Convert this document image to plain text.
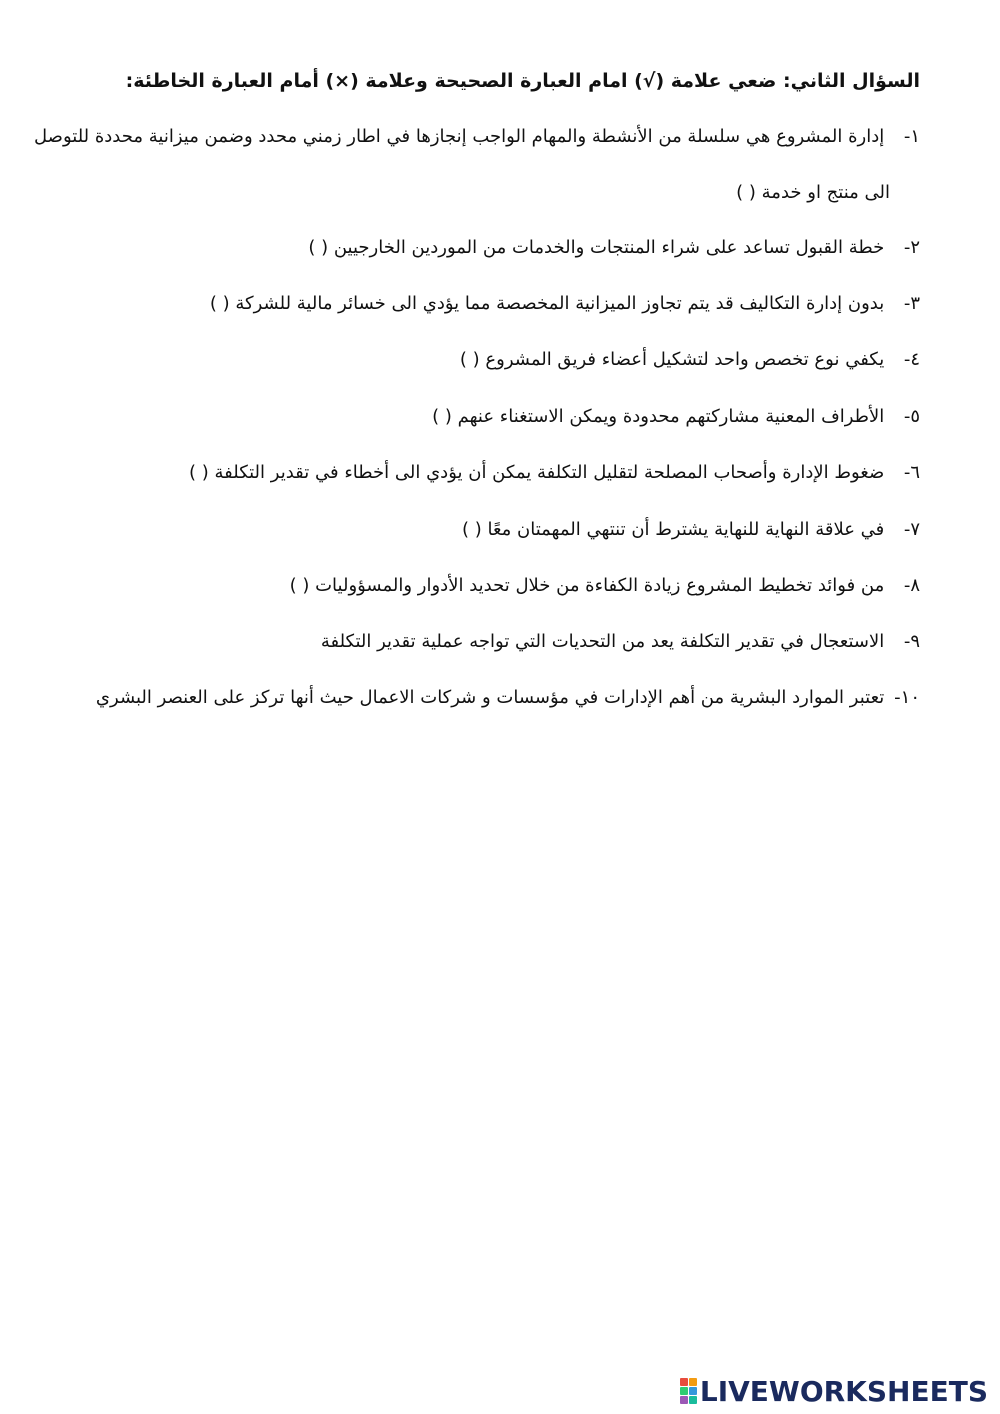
السؤال الثاني: ضعي علامة (√) امام العبارة الصحيحة وعلامة (×) أمام العبارة الخاطئة:
١- إدارة المشروع هي سلسلة من الأنشطة والمهام الواجب إنجازها في اطار زمني محدد وضمن ميزانية محددة للتوصل
الى منتج او خدمة ( )
٢- خطة القبول تساعد على شراء المنتجات والخدمات من الموردين الخارجيين ( )
٣- بدون إدارة التكاليف قد يتم تجاوز الميزانية المخصصة مما يؤدي الى خسائر مالية للشركة ( )
٤- يكفي نوع تخصص واحد لتشكيل أعضاء فريق المشروع ( )
٥- الأطراف المعنية مشاركتهم محدودة ويمكن الاستغناء عنهم ( )
٦- ضغوط الإدارة وأصحاب المصلحة لتقليل التكلفة يمكن أن يؤدي الى أخطاء في تقدير التكلفة ( )
٧- في علاقة النهاية للنهاية يشترط أن تنتهي المهمتان معًا ( )
٨- من فوائد تخطيط المشروع زيادة الكفاءة من خلال تحديد الأدوار والمسؤوليات ( )
٩- الاستعجال في تقدير التكلفة يعد من التحديات التي تواجه عملية تقدير التكلفة
١٠- تعتبر الموارد البشرية من أهم الإدارات في مؤسسات و شركات الاعمال حيث أنها تركز على العنصر البشري
LIVEWORKSHEETS
